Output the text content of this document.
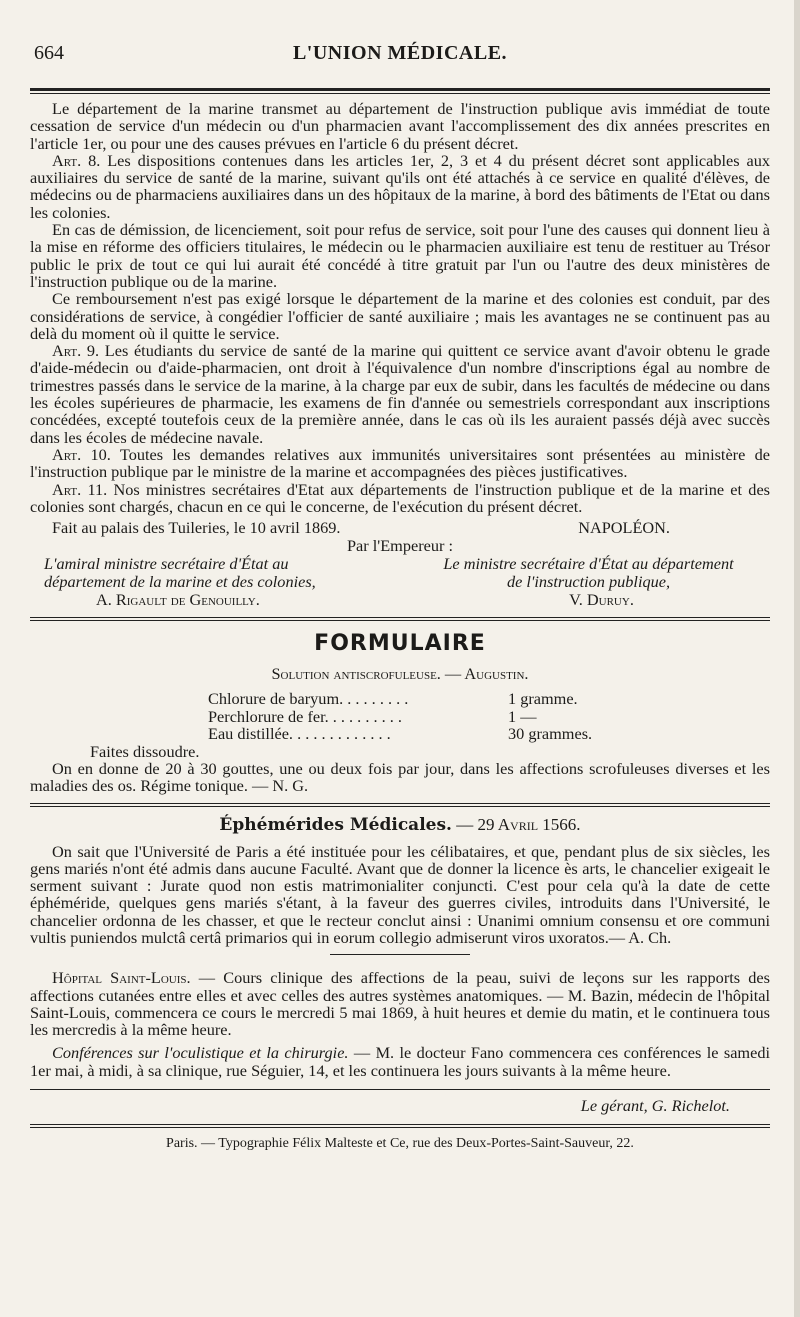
664	L'UNION MÉDICALE.

Le département de la marine transmet au département de l'instruction publique avis immédiat de toute cessation de service d'un médecin ou d'un pharmacien avant l'accomplissement des dix années prescrites en l'article 1er, ou pour une des causes prévues en l'article 6 du présent décret.

Art. 8. Les dispositions contenues dans les articles 1er, 2, 3 et 4 du présent décret sont applicables aux auxiliaires du service de santé de la marine, suivant qu'ils ont été attachés à ce service en qualité d'élèves, de médecins ou de pharmaciens auxiliaires dans un des hôpitaux de la marine, à bord des bâtiments de l'Etat ou dans les colonies.

En cas de démission, de licenciement, soit pour refus de service, soit pour l'une des causes qui donnent lieu à la mise en réforme des officiers titulaires, le médecin ou le pharmacien auxiliaire est tenu de restituer au Trésor public le prix de tout ce qui lui aurait été concédé à titre gratuit par l'un ou l'autre des deux ministères de l'instruction publique ou de la marine.

Ce remboursement n'est pas exigé lorsque le département de la marine et des colonies est conduit, par des considérations de service, à congédier l'officier de santé auxiliaire ; mais les avantages ne se continuent pas au delà du moment où il quitte le service.

Art. 9. Les étudiants du service de santé de la marine qui quittent ce service avant d'avoir obtenu le grade d'aide-médecin ou d'aide-pharmacien, ont droit à l'équivalence d'un nombre d'inscriptions égal au nombre de trimestres passés dans le service de la marine, à la charge par eux de subir, dans les facultés de médecine ou dans les écoles supérieures de pharmacie, les examens de fin d'année ou semestriels correspondant aux inscriptions concédées, excepté toutefois ceux de la première année, dans le cas où ils les auraient passés déjà avec succès dans les écoles de médecine navale.

Art. 10. Toutes les demandes relatives aux immunités universitaires sont présentées au ministère de l'instruction publique par le ministre de la marine et accompagnées des pièces justificatives.

Art. 11. Nos ministres secrétaires d'Etat aux départements de l'instruction publique et de la marine et des colonies sont chargés, chacun en ce qui le concerne, de l'exécution du présent décret.

Fait au palais des Tuileries, le 10 avril 1869.	NAPOLÉON.
Par l'Empereur :
L'amiral ministre secrétaire d'État au
département de la marine et des colonies,
Le ministre secrétaire d'État au département
de l'instruction publique,
A. Rigault de Genouilly.	V. Duruy.
FORMULAIRE
Solution antiscrofuleuse. — Augustin.
Chlorure de baryum. . . . . . . . .	1 gramme.
Perchlorure de fer. . . . . . . . . .	1 —
Eau distillée. . . . . . . . . . . . .	30 grammes.

Faites dissoudre.

On en donne de 20 à 30 gouttes, une ou deux fois par jour, dans les affections scrofuleuses diverses et les maladies des os. Régime tonique. — N. G.

Éphémérides Médicales. — 29 Avril 1566.

On sait que l'Université de Paris a été instituée pour les célibataires, et que, pendant plus de six siècles, les gens mariés n'ont été admis dans aucune Faculté. Avant que de donner la licence ès arts, le chancelier exigeait le serment suivant : Jurate quod non estis matrimonialiter conjuncti. C'est pour cela qu'à la date de cette éphéméride, quelques gens mariés s'étant, à la faveur des guerres civiles, introduits dans l'Université, le chancelier ordonna de les chasser, et que le recteur conclut ainsi : Unanimi omnium consensu et ore communi vultis puniendos mulctâ certâ primarios qui in eorum collegio admiserunt viros uxoratos.— A. Ch.

Hôpital Saint-Louis. — Cours clinique des affections de la peau, suivi de leçons sur les rapports des affections cutanées entre elles et avec celles des autres systèmes anatomiques. — M. Bazin, médecin de l'hôpital Saint-Louis, commencera ce cours le mercredi 5 mai 1869, à huit heures et demie du matin, et le continuera tous les mercredis à la même heure.

Conférences sur l'oculistique et la chirurgie. — M. le docteur Fano commencera ces conférences le samedi 1er mai, à midi, à sa clinique, rue Séguier, 14, et les continuera les jours suivants à la même heure.

Le gérant, G. Richelot.
Paris. — Typographie Félix Malteste et Ce, rue des Deux-Portes-Saint-Sauveur, 22.
